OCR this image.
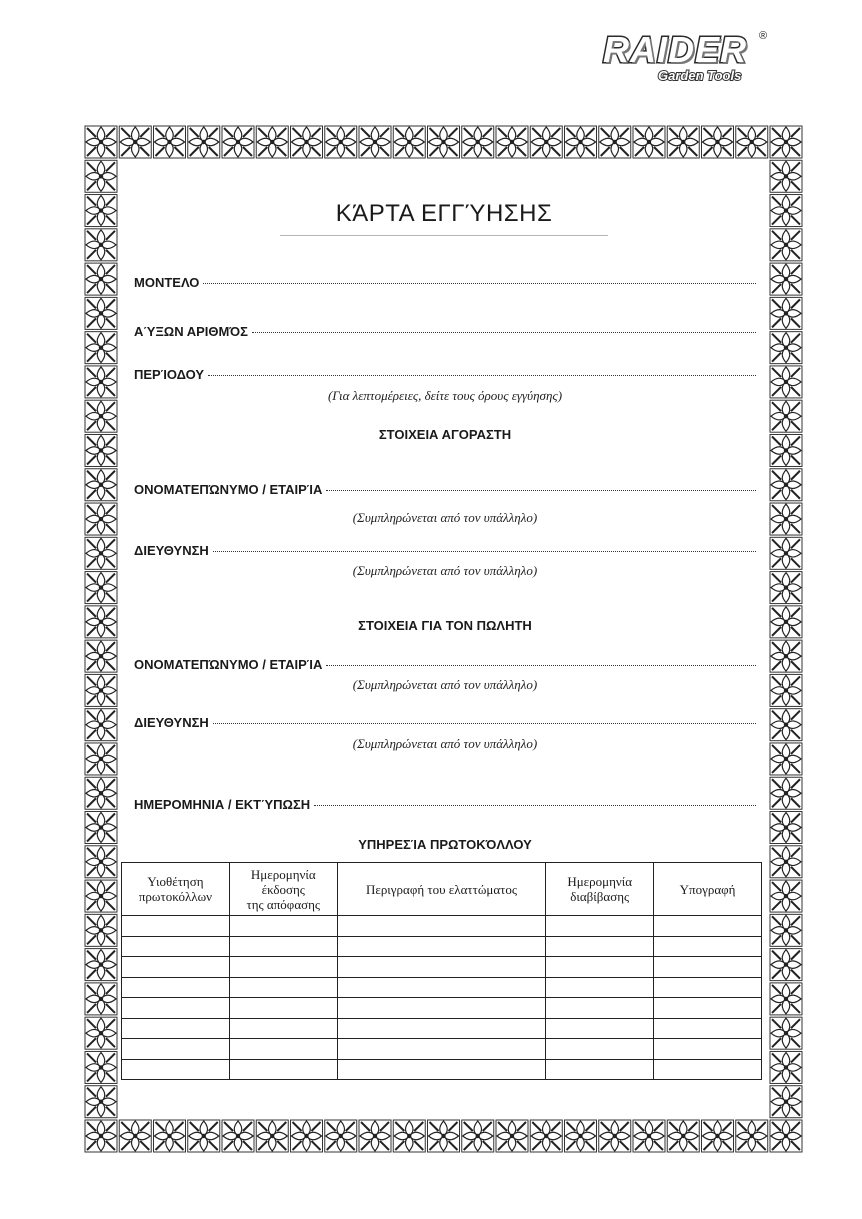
RAIDER ®
Garden Tools
ΚΆΡΤΑ ΕΓΓΎΗΣΗΣ
ΜΟΝΤΕΛΟ
ΑΎΞΩΝ ΑΡΙΘΜΌΣ
ΠΕΡΊΟΔΟΥ
(Για λεπτομέρειες, δείτε τους όρους εγγύησης)
ΣΤΟΙΧΕΙΑ ΑΓΟΡΑΣΤΗ
ΟΝΟΜΑΤΕΠΏΝΥΜΟ / ΕΤΑΙΡΊΑ
(Συμπληρώνεται από τον υπάλληλο)
ΔΙΕΥΘΥΝΣΗ
(Συμπληρώνεται από τον υπάλληλο)
ΣΤΟΙΧΕΙΑ ΓΙΑ ΤΟΝ ΠΩΛΗΤΗ
ΟΝΟΜΑΤΕΠΏΝΥΜΟ / ΕΤΑΙΡΊΑ
(Συμπληρώνεται από τον υπάλληλο)
ΔΙΕΥΘΥΝΣΗ
(Συμπληρώνεται από τον υπάλληλο)
ΗΜΕΡΟΜΗΝΙΑ / ΕΚΤΎΠΩΣΗ
ΥΠΗΡΕΣΊΑ ΠΡΩΤΟΚΌΛΛΟΥ
Υιοθέτηση
πρωτοκόλλων	Ημερομηνία
έκδοσης
της απόφασης	Περιγραφή του ελαττώματος	Ημερομηνία
διαβίβασης	Υπογραφή
